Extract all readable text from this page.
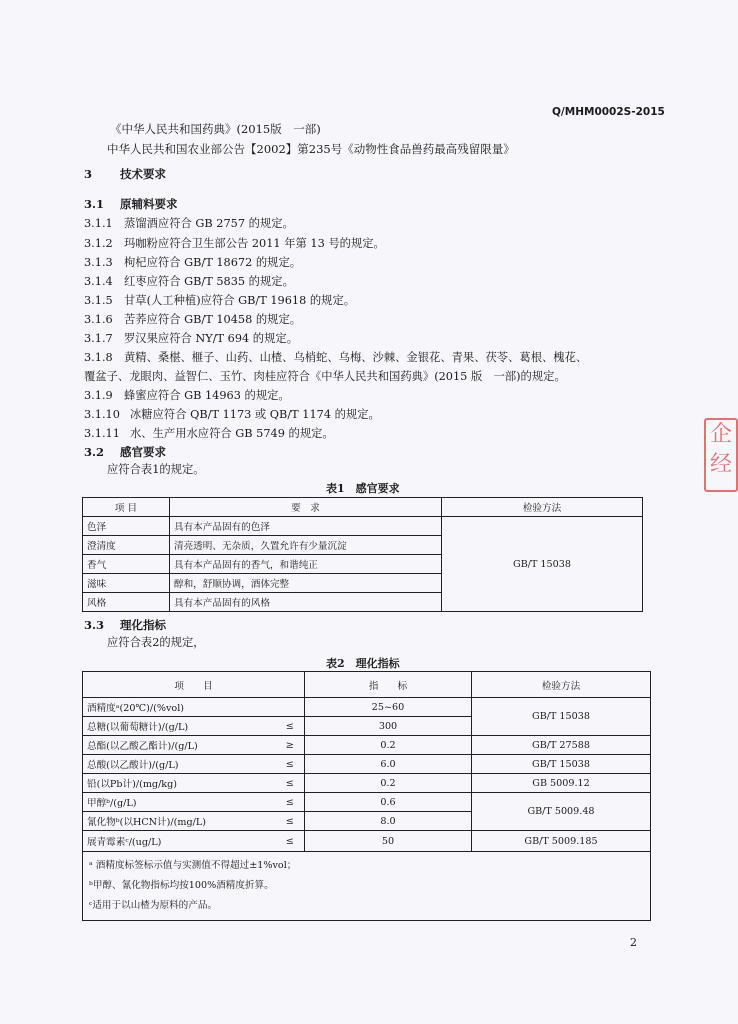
Q/MHM0002S-2015
《中华人民共和国药典》(2015版　一部)
中华人民共和国农业部公告【2002】第235号《动物性食品兽药最高残留限量》
3 技术要求
3.1 原辅料要求
3.1.1 蒸馏酒应符合 GB 2757 的规定。
3.1.2 玛咖粉应符合卫生部公告 2011 年第 13 号的规定。
3.1.3 枸杞应符合 GB/T 18672 的规定。
3.1.4 红枣应符合 GB/T 5835 的规定。
3.1.5 甘草(人工种植)应符合 GB/T 19618 的规定。
3.1.6 苦荞应符合 GB/T 10458 的规定。
3.1.7 罗汉果应符合 NY/T 694 的规定。
3.1.8 黄精、桑椹、榧子、山药、山楂、乌梢蛇、乌梅、沙棘、金银花、青果、茯苓、葛根、槐花、
覆盆子、龙眼肉、益智仁、玉竹、肉桂应符合《中华人民共和国药典》(2015 版　一部)的规定。
3.1.9 蜂蜜应符合 GB 14963 的规定。
3.1.10 冰糖应符合 QB/T 1173 或 QB/T 1174 的规定。
3.1.11 水、生产用水应符合 GB 5749 的规定。
3.2 感官要求
应符合表1的规定。
表1　感官要求
项 目	要　求	检验方法
色泽	具有本产品固有的色泽	GB/T 15038
澄清度	清亮透明、无杂质，久置允许有少量沉淀	
香气	具有本产品固有的香气，和谐纯正	
滋味	醇和，舒顺协调，酒体完整	
风格	具有本产品固有的风格	
3.3 理化指标
应符合表2的规定，
表2　理化指标
项　　目		指　　标	检验方法
酒精度ᵃ(20℃)/(%vol)		25~60	GB/T 15038
总糖(以葡萄糖计)/(g/L)	≤	300	
总酯(以乙酸乙酯计)/(g/L)	≥	0.2	GB/T 27588
总酸(以乙酸计)/(g/L)	≤	6.0	GB/T 15038
铅(以Pb计)/(mg/kg)	≤	0.2	GB 5009.12
甲醇ᵇ/(g/L)	≤	0.6	GB/T 5009.48
氰化物ᵇ(以HCN计)/(mg/L)	≤	8.0	
展青霉素ᶜ/(ug/L)	≤	50	GB/T 5009.185

ᵃ 酒精度标签标示值与实测值不得超过±1%vol；
ᵇ甲醇、氰化物指标均按100%酒精度折算。
ᶜ适用于以山楂为原料的产品。			
2
企
经
